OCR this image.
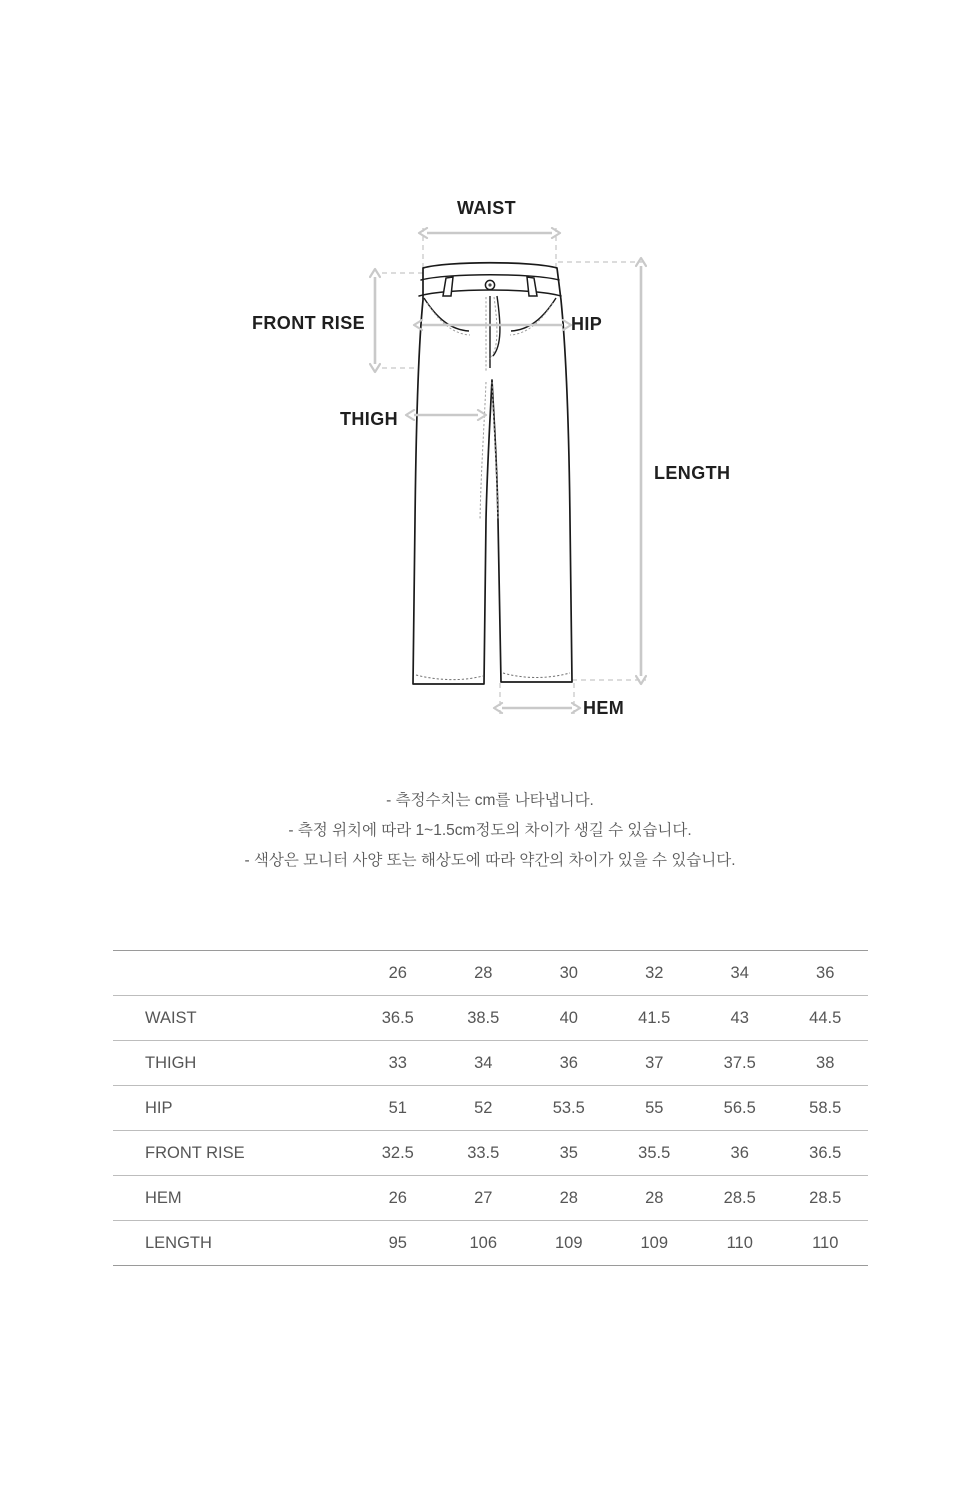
WAIST
FRONT RISE	HIP
THIGH
LENGTH
HEM
- 측정수치는 cm를 나타냅니다.
- 측정 위치에 따라 1~1.5cm정도의 차이가 생길 수 있습니다.
- 색상은 모니터 사양 또는 해상도에 따라 약간의 차이가 있을 수 있습니다.
	26	28	30	32	34	36
WAIST	36.5	38.5	40	41.5	43	44.5
THIGH	33	34	36	37	37.5	38
HIP	51	52	53.5	55	56.5	58.5
FRONT RISE	32.5	33.5	35	35.5	36	36.5
HEM	26	27	28	28	28.5	28.5
LENGTH	95	106	109	109	110	110
